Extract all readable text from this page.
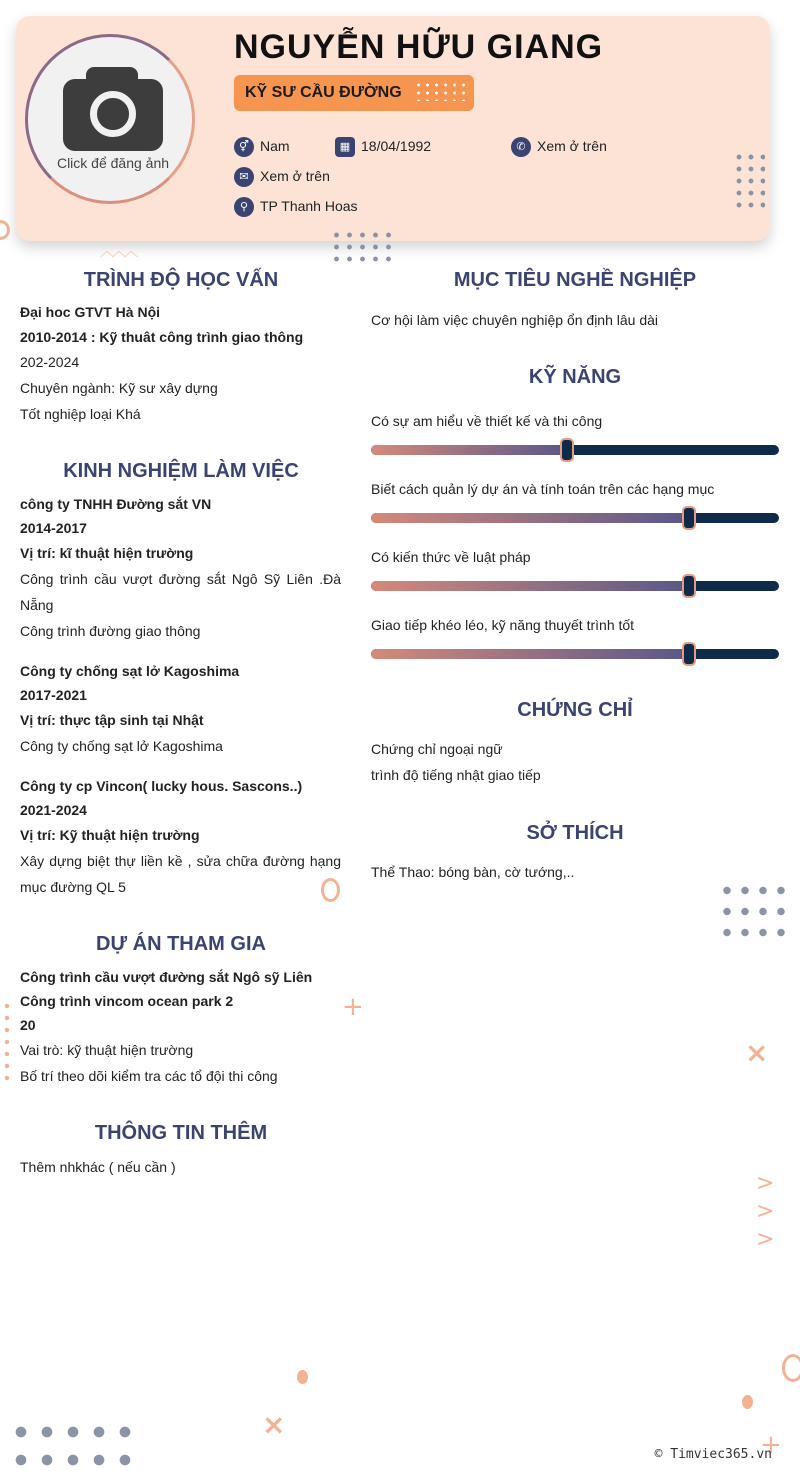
Click để đăng ảnh
NGUYỄN HỮU GIANG
KỸ SƯ CẦU ĐƯỜNG
⚥ Nam	▦ 18/04/1992	✆ Xem ở trên
✉ Xem ở trên
⚲ TP Thanh Hoas
︿︿︿
+
×
>
>
>
×
+
TRÌNH ĐỘ HỌC VẤN
Đại hoc GTVT Hà Nội
2010-2014 : Kỹ thuât công trình giao thông
202-2024
Chuyên ngành: Kỹ sư xây dựng
Tốt nghiệp loại Khá
KINH NGHIỆM LÀM VIỆC
công ty TNHH Đường sắt VN
2014-2017
Vị trí: kĩ thuật hiện trường
Công trình cầu vượt đường sắt Ngô Sỹ Liên .Đà
Nẵng
Công trình đường giao thông
Công ty chống sạt lở Kagoshima
2017-2021
Vị trí: thực tập sinh tại Nhật
Công ty chống sạt lở Kagoshima
Công ty cp Vincon( lucky hous. Sascons..)
2021-2024
Vị trí: Kỹ thuật hiện trường
Xây dựng biệt thự liền kề , sửa chữa đường hạng
mục đường QL 5
DỰ ÁN THAM GIA
Công trình cầu vượt đường sắt Ngô sỹ Liên
Công trình vincom ocean park 2
20
Vai trò: kỹ thuật hiện trường
Bố trí theo dõi kiểm tra các tổ đội thi công
THÔNG TIN THÊM
Thêm nhkhác ( nếu cần )
MỤC TIÊU NGHỀ NGHIỆP
Cơ hội làm việc chuyên nghiệp ổn định lâu dài
KỸ NĂNG
Có sự am hiểu về thiết kế và thi công
Biết cách quản lý dự án và tính toán trên các hạng mục
Có kiến thức về luật pháp
Giao tiếp khéo léo, kỹ năng thuyết trình tốt
CHỨNG CHỈ
Chứng chỉ ngoại ngữ
trình độ tiếng nhật giao tiếp
SỞ THÍCH
Thể Thao: bóng bàn, cờ tướng,..
© Timviec365.vn
